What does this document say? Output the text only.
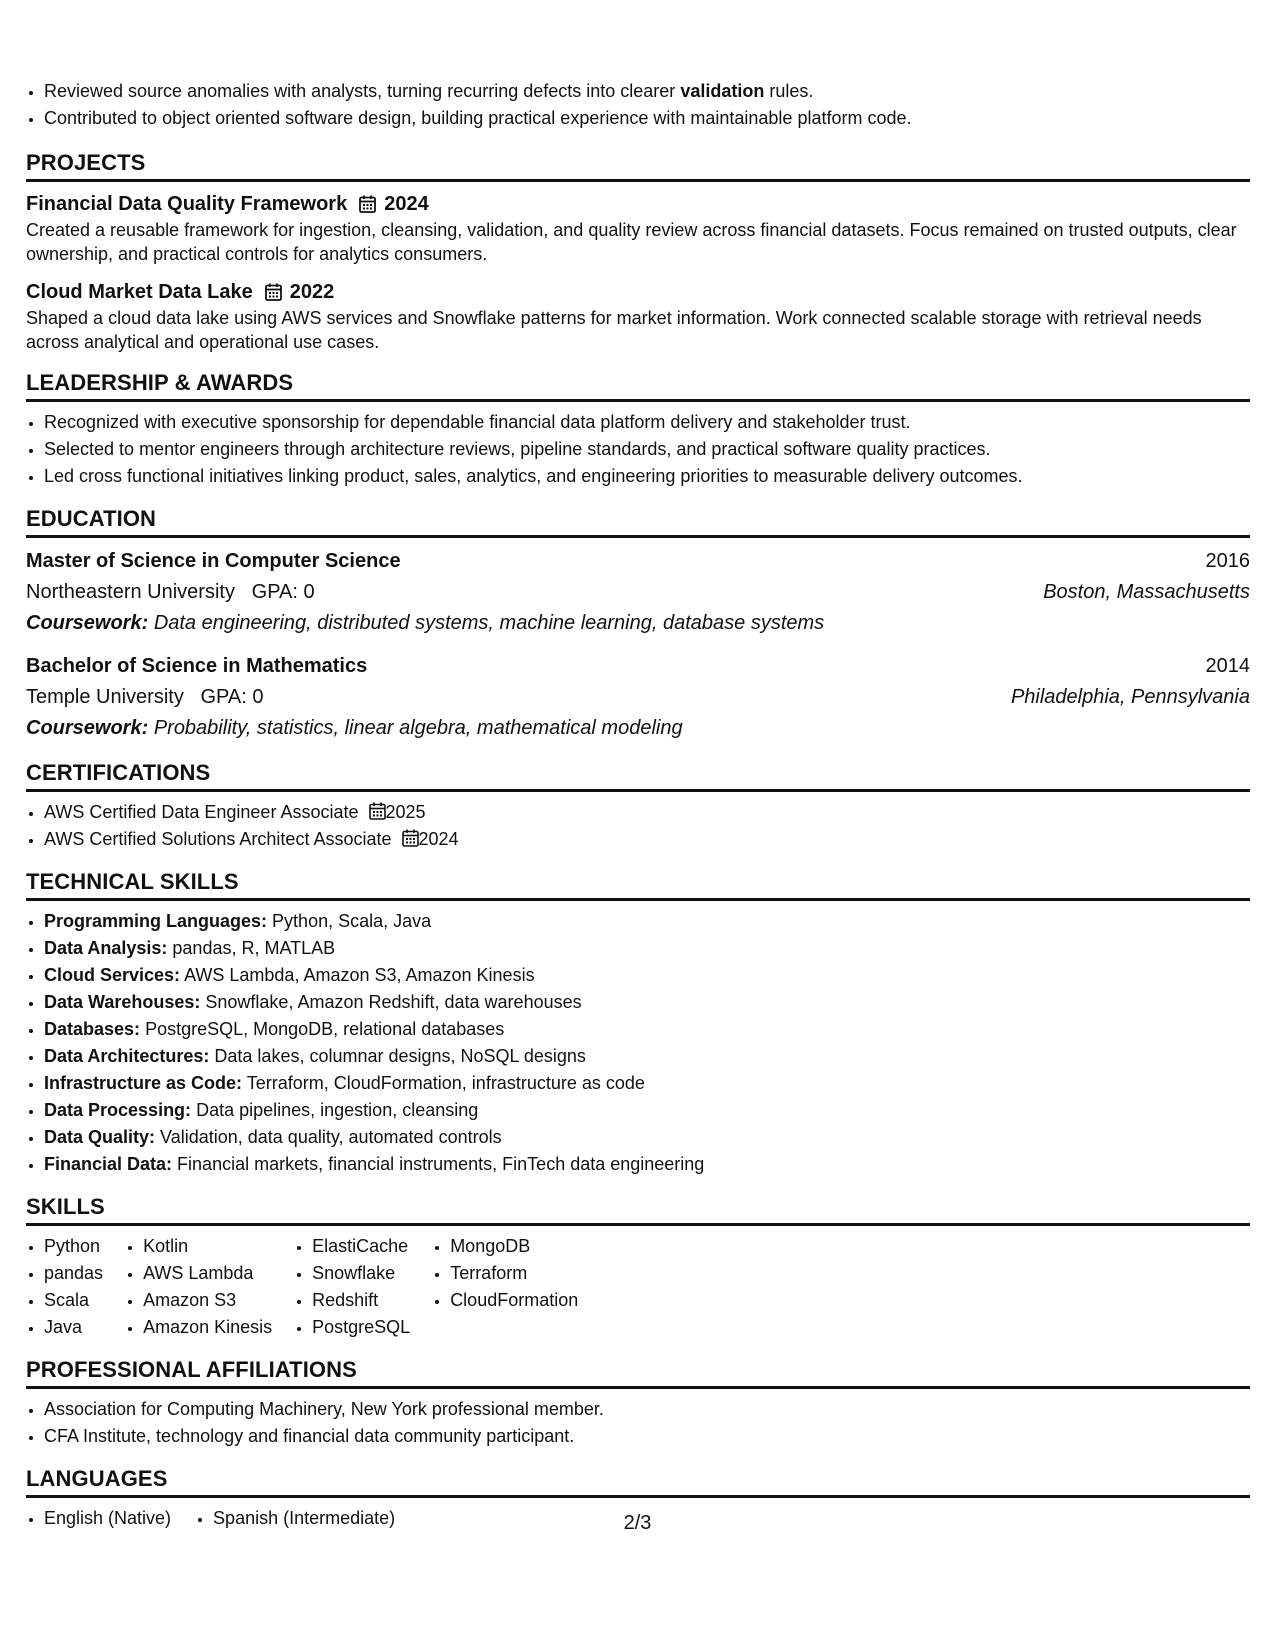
• Reviewed source anomalies with analysts, turning recurring defects into clearer validation rules.
• Contributed to object oriented software design, building practical experience with maintainable platform code.
PROJECTS
Financial Data Quality Framework 2024
Created a reusable framework for ingestion, cleansing, validation, and quality review across financial datasets. Focus remained on trusted outputs, clear ownership, and practical controls for analytics consumers.
Cloud Market Data Lake 2022
Shaped a cloud data lake using AWS services and Snowflake patterns for market information. Work connected scalable storage with retrieval needs across analytical and operational use cases.
LEADERSHIP & AWARDS
• Recognized with executive sponsorship for dependable financial data platform delivery and stakeholder trust.
• Selected to mentor engineers through architecture reviews, pipeline standards, and practical software quality practices.
• Led cross functional initiatives linking product, sales, analytics, and engineering priorities to measurable delivery outcomes.
EDUCATION
Master of Science in Computer Science	2016
Northeastern University GPA: 0	Boston, Massachusetts
Coursework: Data engineering, distributed systems, machine learning, database systems
Bachelor of Science in Mathematics	2014
Temple University GPA: 0	Philadelphia, Pennsylvania
Coursework: Probability, statistics, linear algebra, mathematical modeling
CERTIFICATIONS
• AWS Certified Data Engineer Associate 2025
• AWS Certified Solutions Architect Associate 2024
TECHNICAL SKILLS
• Programming Languages: Python, Scala, Java
• Data Analysis: pandas, R, MATLAB
• Cloud Services: AWS Lambda, Amazon S3, Amazon Kinesis
• Data Warehouses: Snowflake, Amazon Redshift, data warehouses
• Databases: PostgreSQL, MongoDB, relational databases
• Data Architectures: Data lakes, columnar designs, NoSQL designs
• Infrastructure as Code: Terraform, CloudFormation, infrastructure as code
• Data Processing: Data pipelines, ingestion, cleansing
• Data Quality: Validation, data quality, automated controls
• Financial Data: Financial markets, financial instruments, FinTech data engineering
SKILLS
• Python
• pandas
• Scala
• Java
• Kotlin
• AWS Lambda
• Amazon S3
• Amazon Kinesis
• ElastiCache
• Snowflake
• Redshift
• PostgreSQL
• MongoDB
• Terraform
• CloudFormation
PROFESSIONAL AFFILIATIONS
• Association for Computing Machinery, New York professional member.
• CFA Institute, technology and financial data community participant.
LANGUAGES
• English (Native)
• Spanish (Intermediate)	2/3
